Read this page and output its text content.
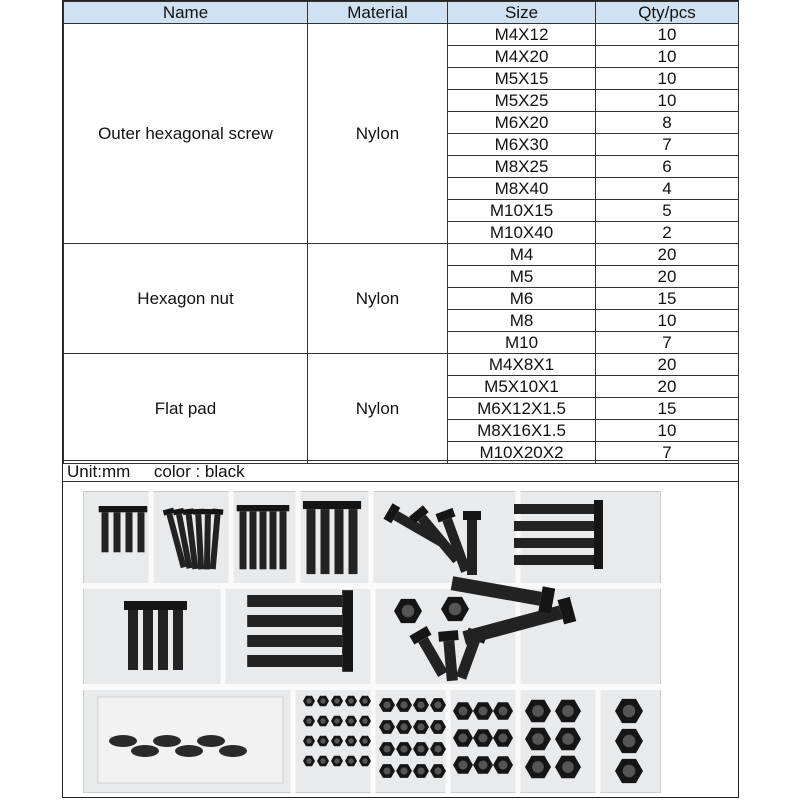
Name	Material	Size	Qty/pcs
Outer hexagonal screw	Nylon	M4X12	10
		M4X20	10
		M5X15	10
		M5X25	10
		M6X20	8
		M6X30	7
		M8X25	6
		M8X40	4
		M10X15	5
		M10X40	2
Hexagon nut	Nylon	M4	20
		M5	20
		M6	15
		M8	10
		M10	7
Flat pad	Nylon	M4X8X1	20
		M5X10X1	20
		M6X12X1.5	15
		M8X16X1.5	10
		M10X20X2	7
Unit:mm     color : black
